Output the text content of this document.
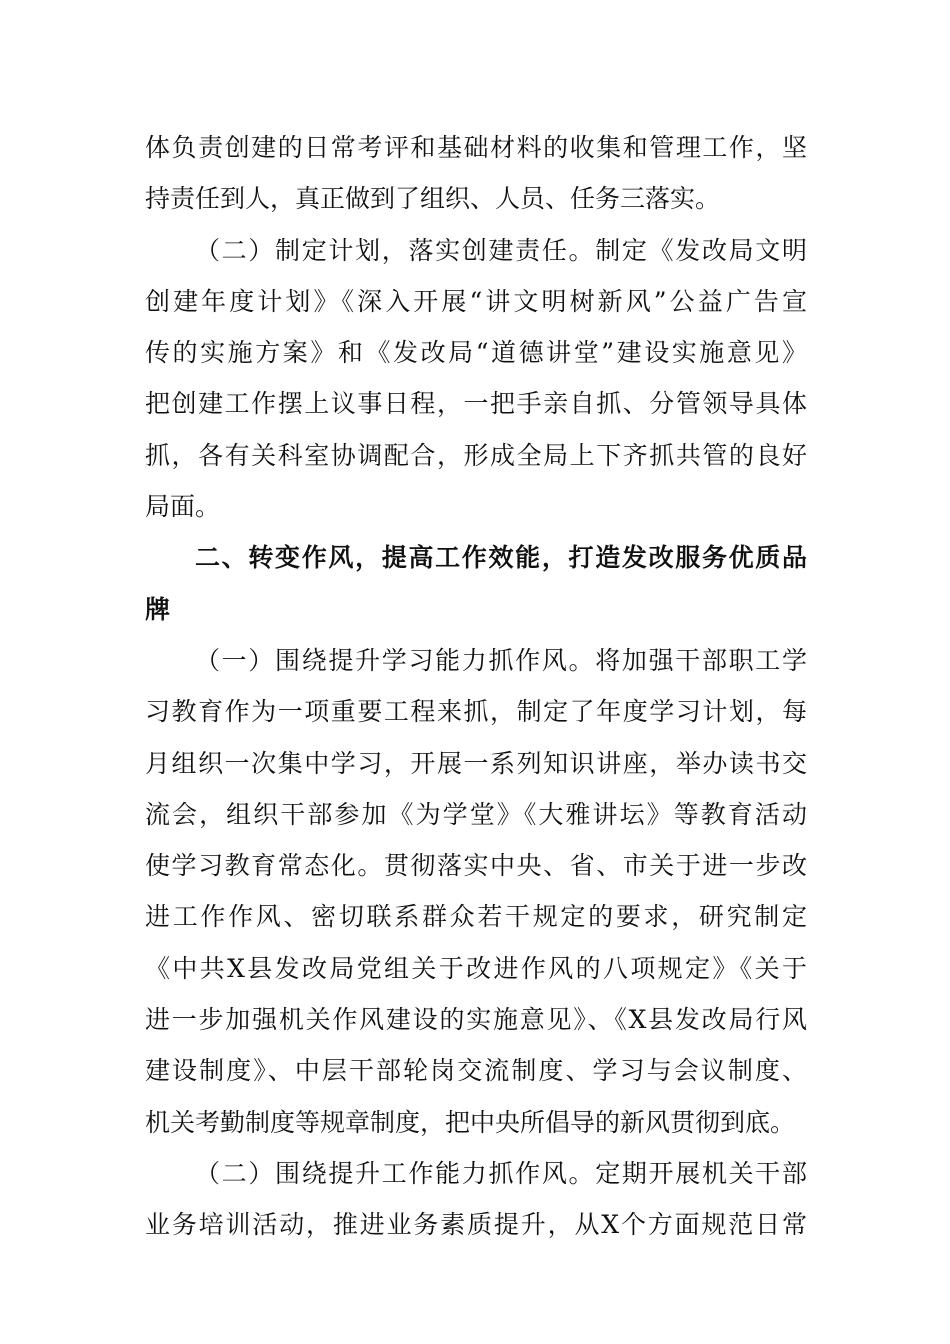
体负责创建的日常考评和基础材料的收集和管理工作，坚
持责任到人，真正做到了组织、人员、任务三落实。
（二）制定计划，落实创建责任。制定《发改局文明
创建年度计划》《深入开展“讲文明树新风”公益广告宣
传的实施方案》和《发改局“道德讲堂”建设实施意见》
把创建工作摆上议事日程，一把手亲自抓、分管领导具体
抓，各有关科室协调配合，形成全局上下齐抓共管的良好
局面。
二、转变作风，提高工作效能，打造发改服务优质品
牌
（一）围绕提升学习能力抓作风。将加强干部职工学
习教育作为一项重要工程来抓，制定了年度学习计划，每
月组织一次集中学习，开展一系列知识讲座，举办读书交
流会，组织干部参加《为学堂》《大雅讲坛》等教育活动
使学习教育常态化。贯彻落实中央、省、市关于进一步改
进工作作风、密切联系群众若干规定的要求，研究制定
《中共X县发改局党组关于改进作风的八项规定》《关于
进一步加强机关作风建设的实施意见》、《X县发改局行风
建设制度》、中层干部轮岗交流制度、学习与会议制度、
机关考勤制度等规章制度，把中央所倡导的新风贯彻到底。
（二）围绕提升工作能力抓作风。定期开展机关干部
业务培训活动，推进业务素质提升，从X个方面规范日常
